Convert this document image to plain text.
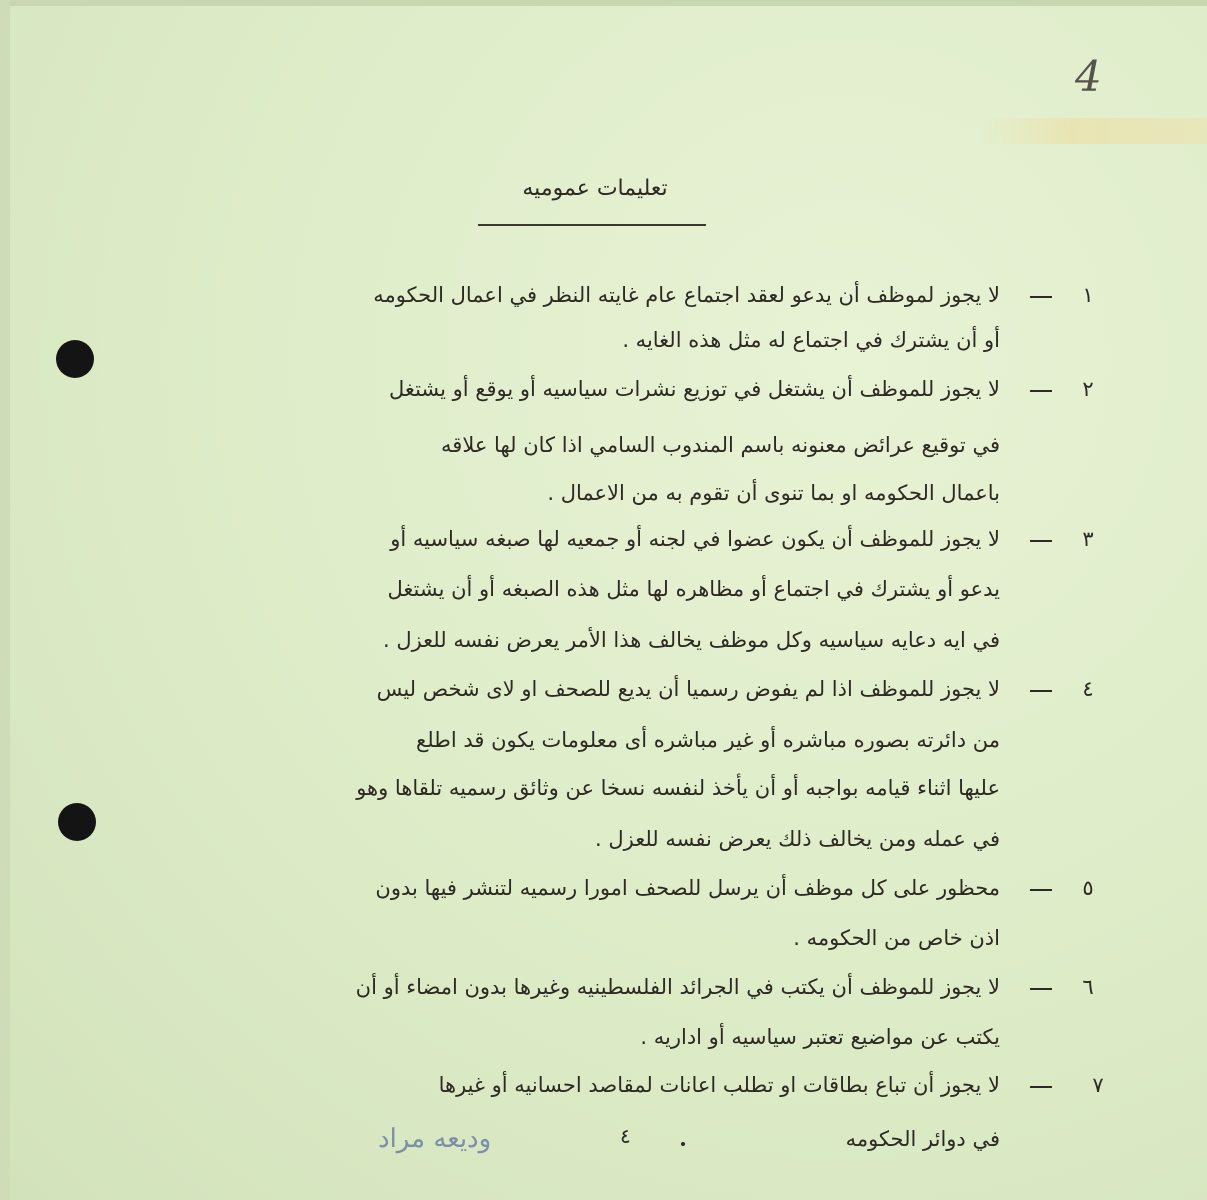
4
تعليمات عموميه
١
لا يجوز لموظف أن يدعو لعقد اجتماع عام غايته النظر في اعمال الحكومه
أو أن يشترك في اجتماع له مثل هذه الغايه .
٢
لا يجوز للموظف أن يشتغل في توزيع نشرات سياسيه أو يوقع أو يشتغل
في توقيع عرائض معنونه باسم المندوب السامي اذا كان لها علاقه
باعمال الحكومه او بما تنوى أن تقوم به من الاعمال .
٣
لا يجوز للموظف أن يكون عضوا في لجنه أو جمعيه لها صبغه سياسيه أو
يدعو أو يشترك في اجتماع أو مظاهره لها مثل هذه الصبغه أو أن يشتغل
في ايه دعايه سياسيه وكل موظف يخالف هذا الأمر يعرض نفسه للعزل .
٤
لا يجوز للموظف اذا لم يفوض رسميا أن يديع للصحف او لاى شخص ليس
من دائرته بصوره مباشره أو غير مباشره أى معلومات يكون قد اطلع
عليها اثناء قيامه بواجبه أو أن يأخذ لنفسه نسخا عن وثائق رسميه تلقاها وهو
في عمله ومن يخالف ذلك يعرض نفسه للعزل .
٥
محظور على كل موظف أن يرسل للصحف امورا رسميه لتنشر فيها بدون
اذن خاص من الحكومه .
٦
لا يجوز للموظف أن يكتب في الجرائد الفلسطينيه وغيرها بدون امضاء أو أن
يكتب عن مواضيع تعتبر سياسيه أو اداريه .
٧
لا يجوز أن تباع بطاقات او تطلب اعانات لمقاصد احسانيه أو غيرها
في دوائر الحكومه
٤
وديعه مراد
